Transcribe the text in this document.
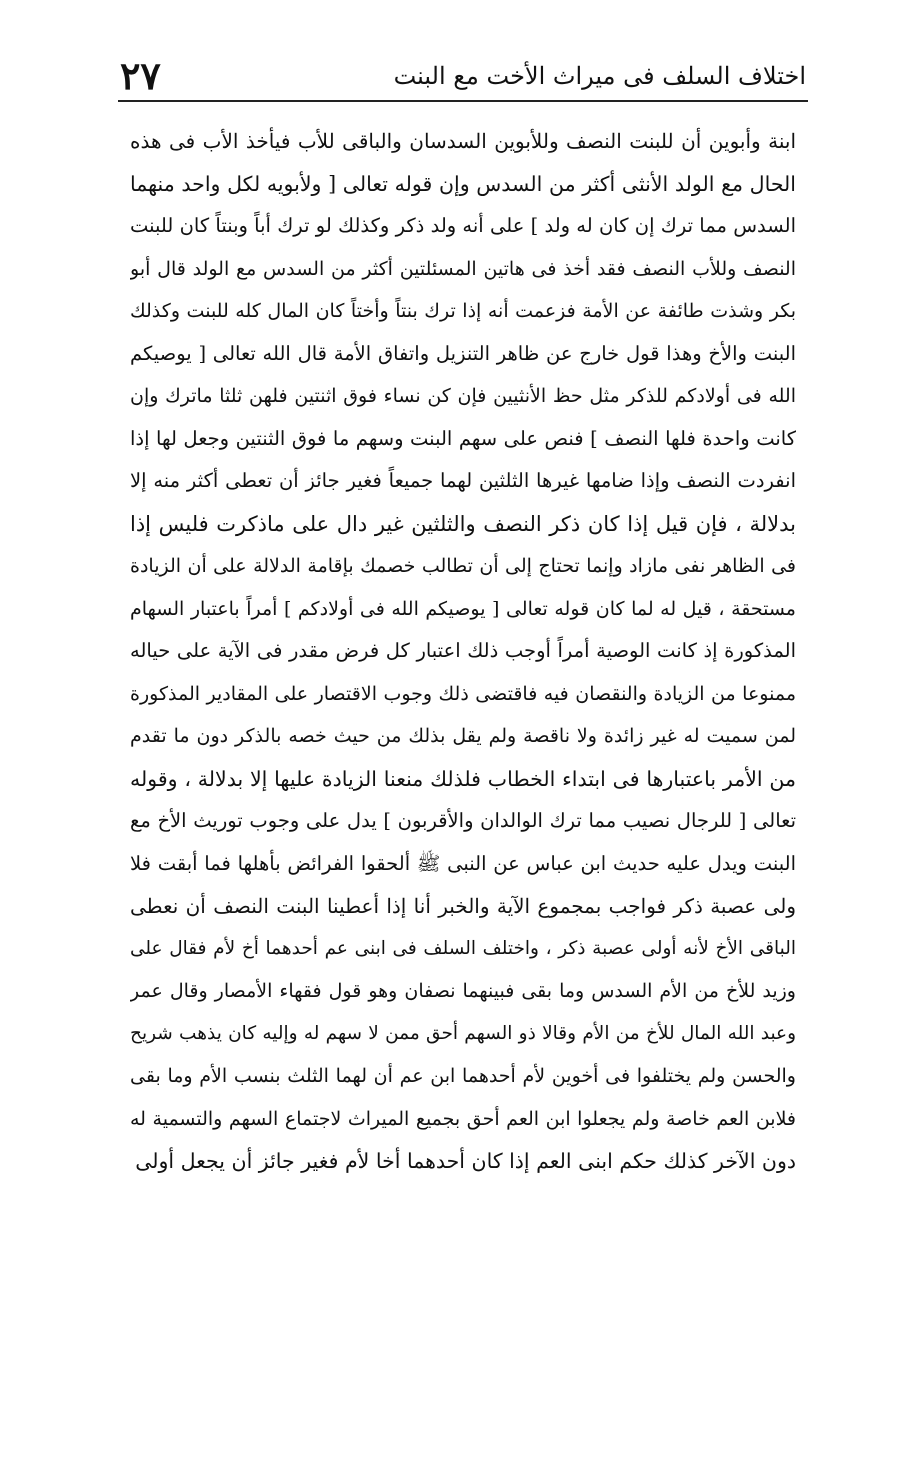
اختلاف السلف فى ميراث الأخت مع البنت
٢٧
ابنة وأبوين أن للبنت النصف وللأبوين السدسان والباقى للأب فيأخذ الأب فى هذه
الحال مع الولد الأنثى أكثر من السدس وإن قوله تعالى [ ولأبويه لكل واحد منهما
السدس مما ترك إن كان له ولد ] على أنه ولد ذكر وكذلك لو ترك أباً وبنتاً كان للبنت
النصف وللأب النصف فقد أخذ فى هاتين المسئلتين أكثر من السدس مع الولد قال أبو
بكر وشذت طائفة عن الأمة فزعمت أنه إذا ترك بنتاً وأختاً كان المال كله للبنت وكذلك
البنت والأخ وهذا قول خارج عن ظاهر التنزيل واتفاق الأمة قال الله تعالى [ يوصيكم
الله فى أولادكم للذكر مثل حظ الأنثيين فإن كن نساء فوق اثنتين فلهن ثلثا ماترك وإن
كانت واحدة فلها النصف ] فنص على سهم البنت وسهم ما فوق الثنتين وجعل لها إذا
انفردت النصف وإذا ضامها غيرها الثلثين لهما جميعاً فغير جائز أن تعطى أكثر منه إلا
بدلالة ، فإن قيل إذا كان ذكر النصف والثلثين غير دال على ماذكرت فليس إذا
فى الظاهر نفى مازاد وإنما تحتاج إلى أن تطالب خصمك بإقامة الدلالة على أن الزيادة
مستحقة ، قيل له لما كان قوله تعالى [ يوصيكم الله فى أولادكم ] أمراً باعتبار السهام
المذكورة إذ كانت الوصية أمراً أوجب ذلك اعتبار كل فرض مقدر فى الآية على حياله
ممنوعا من الزيادة والنقصان فيه فاقتضى ذلك وجوب الاقتصار على المقادير المذكورة
لمن سميت له غير زائدة ولا ناقصة ولم يقل بذلك من حيث خصه بالذكر دون ما تقدم
من الأمر باعتبارها فى ابتداء الخطاب فلذلك منعنا الزيادة عليها إلا بدلالة ، وقوله
تعالى [ للرجال نصيب مما ترك الوالدان والأقربون ] يدل على وجوب توريث الأخ مع
البنت ويدل عليه حديث ابن عباس عن النبى ﷺ ألحقوا الفرائض بأهلها فما أبقت فلا
ولى عصبة ذكر فواجب بمجموع الآية والخبر أنا إذا أعطينا البنت النصف أن نعطى
الباقى الأخ لأنه أولى عصبة ذكر ، واختلف السلف فى ابنى عم أحدهما أخ لأم فقال على
وزيد للأخ من الأم السدس وما بقى فبينهما نصفان وهو قول فقهاء الأمصار وقال عمر
وعبد الله المال للأخ من الأم وقالا ذو السهم أحق ممن لا سهم له وإليه كان يذهب شريح
والحسن ولم يختلفوا فى أخوين لأم أحدهما ابن عم أن لهما الثلث بنسب الأم وما بقى
فلابن العم خاصة ولم يجعلوا ابن العم أحق بجميع الميراث لاجتماع السهم والتسمية له
دون الآخر كذلك حكم ابنى العم إذا كان أحدهما أخا لأم فغير جائز أن يجعل أولى
